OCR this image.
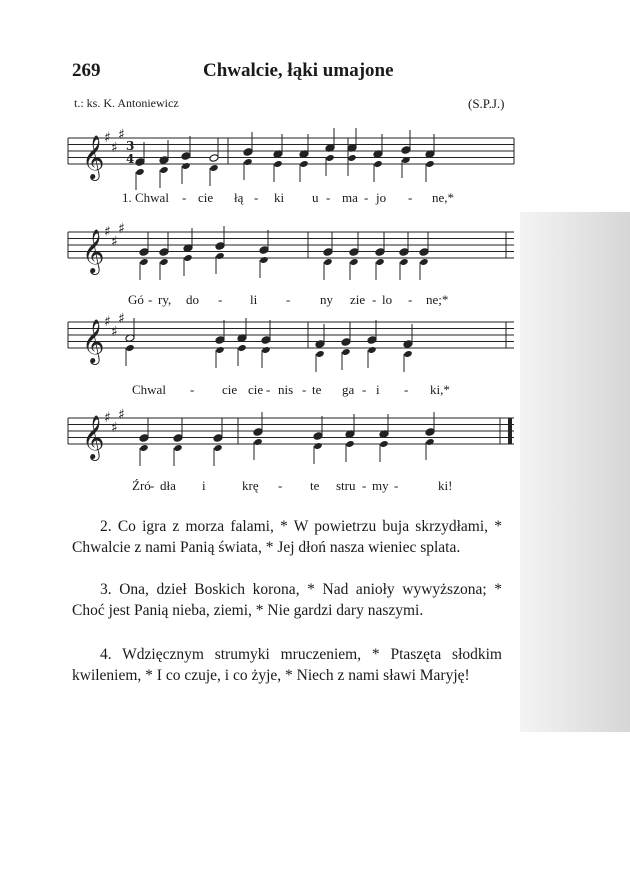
269	Chwalcie, łąki umajone
t.: ks. K. Antoniewicz	(S.P.J.)
𝄞 ♯
♯
♯
3
4
1. Chwal - cie łą - ki u - ma - jo - ne,*
𝄞 ♯
♯
♯
Gó - ry, do - li - ny zie - lo - ne;*
𝄞 ♯
♯
♯
Chwal - cie cie - nis - te ga - i - ki,*
𝄞 ♯
♯
♯
Źró - dła i	krę - te stru - my -	ki!

2. Co igra z morza falami, * W powietrzu buja skrzydłami, * Chwalcie z nami Panią świata, * Jej dłoń nasza wieniec splata.

3. Ona, dzieł Boskich korona, * Nad anioły wywyższona; * Choć jest Panią nieba, ziemi, * Nie gardzi dary naszymi.

4. Wdzięcznym strumyki mruczeniem, * Ptaszęta słodkim kwileniem, * I co czuje, i co żyje, * Niech z nami sławi Maryję!
